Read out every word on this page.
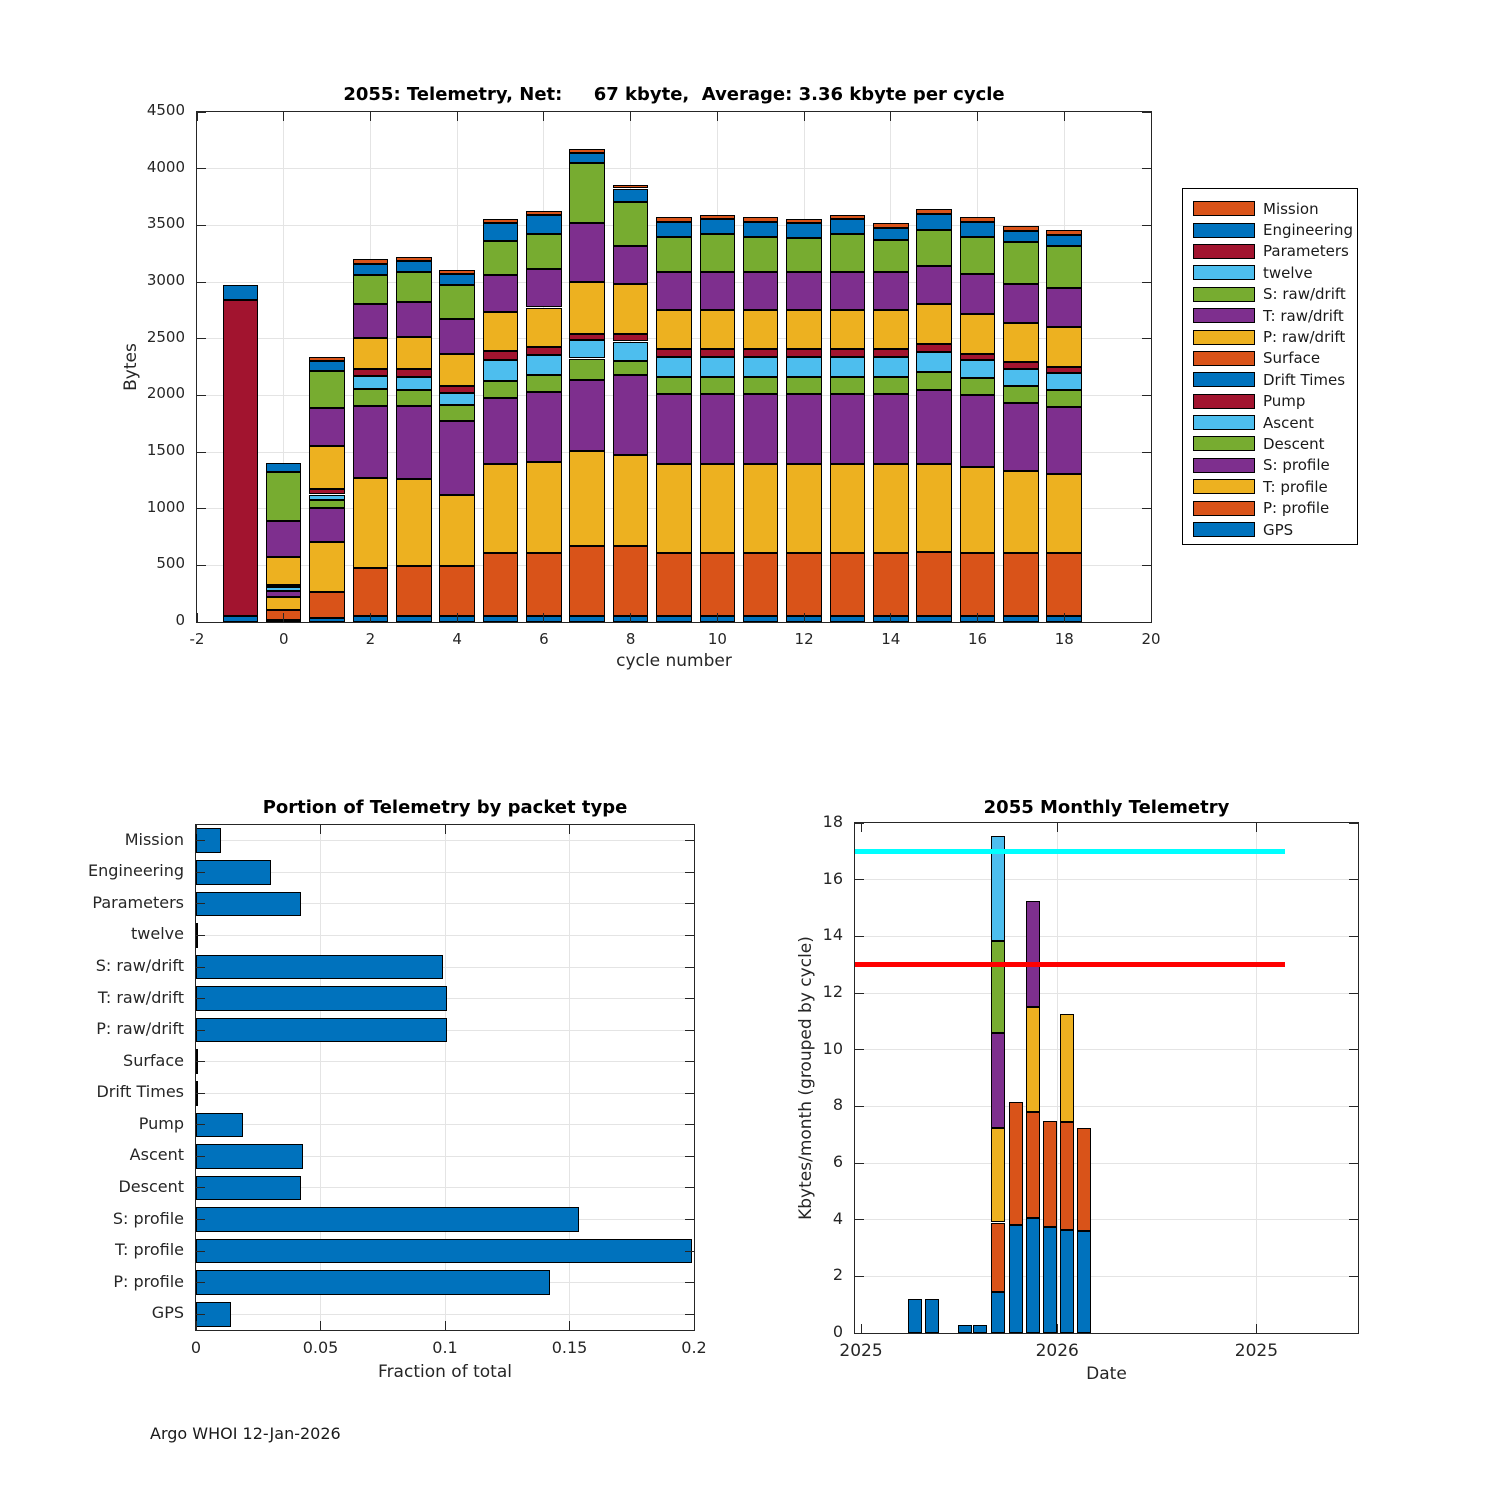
2055: Telemetry, Net:     67 kbyte,  Average: 3.36 kbyte per cycle
Bytes
-2	0	2	4	6	8	10	12	14	16	18	20
0
500
1000
1500
2000
2500
3000
3500
4000
4500
cycle number
Mission
Engineering
Parameters
twelve
S: raw/drift
T: raw/drift
P: raw/drift
Surface
Drift Times
Pump
Ascent
Descent
S: profile
T: profile
P: profile
GPS
Portion of Telemetry by packet type
0	0.05	0.1	0.15	0.2
Mission
Engineering
Parameters
twelve
S: raw/drift
T: raw/drift
P: raw/drift
Surface
Drift Times
Pump
Ascent
Descent
S: profile
T: profile
P: profile
GPS
Fraction of total
2055 Monthly Telemetry
Kbytes/month (grouped by cycle)
2025	2026	2025
0
2
4
6
8
10
12
14
16
18
Date
Argo WHOI 12-Jan-2026
